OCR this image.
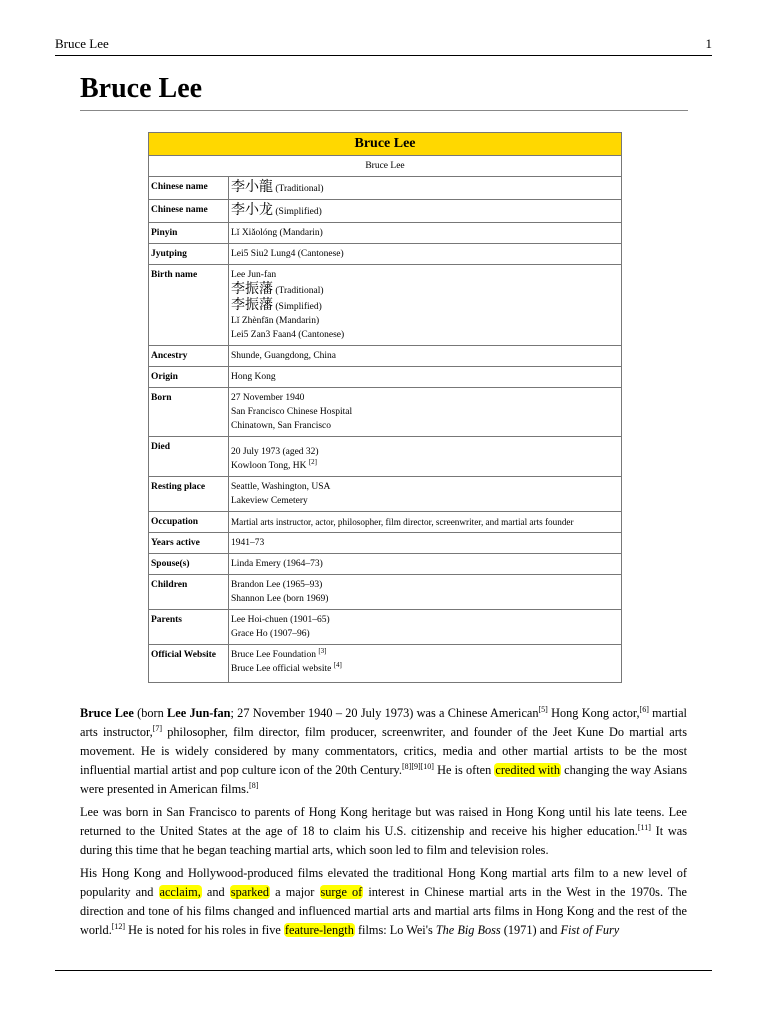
Bruce Lee	1
Bruce Lee
Bruce Lee
Bruce Lee
Chinese name	李小龍 (Traditional)
Chinese name	李小龙 (Simplified)
Pinyin	Lǐ Xiǎolóng (Mandarin)
Jyutping	Lei5 Siu2 Lung4 (Cantonese)
Birth name	Lee Jun-fan
李振藩 (Traditional)
李振藩 (Simplified)
Lǐ Zhènfān (Mandarin)
Lei5 Zan3 Faan4 (Cantonese)
Ancestry	Shunde, Guangdong, China
Origin	Hong Kong
Born	27 November 1940
San Francisco Chinese Hospital
Chinatown, San Francisco
Died	20 July 1973 (aged 32)
Kowloon Tong, HK [2]
Resting place	Seattle, Washington, USA
Lakeview Cemetery
Occupation	Martial arts instructor, actor, philosopher, film director, screenwriter, and martial arts founder
Years active	1941–73
Spouse(s)	Linda Emery (1964–73)
Children	Brandon Lee (1965–93)
Shannon Lee (born 1969)
Parents	Lee Hoi-chuen (1901–65)
Grace Ho (1907–96)
Official Website	Bruce Lee Foundation [3]
Bruce Lee official website [4]

Bruce Lee (born Lee Jun-fan; 27 November 1940 – 20 July 1973) was a Chinese American[5] Hong Kong actor,[6] martial arts instructor,[7] philosopher, film director, film producer, screenwriter, and founder of the Jeet Kune Do martial arts movement. He is widely considered by many commentators, critics, media and other martial artists to be the most influential martial artist and pop culture icon of the 20th Century.[8][9][10] He is often credited with changing the way Asians were presented in American films.[8]

Lee was born in San Francisco to parents of Hong Kong heritage but was raised in Hong Kong until his late teens. Lee returned to the United States at the age of 18 to claim his U.S. citizenship and receive his higher education.[11] It was during this time that he began teaching martial arts, which soon led to film and television roles.

His Hong Kong and Hollywood-produced films elevated the traditional Hong Kong martial arts film to a new level of popularity and acclaim, and sparked a major surge of interest in Chinese martial arts in the West in the 1970s. The direction and tone of his films changed and influenced martial arts and martial arts films in Hong Kong and the rest of the world.[12] He is noted for his roles in five feature-length films: Lo Wei's The Big Boss (1971) and Fist of Fury
